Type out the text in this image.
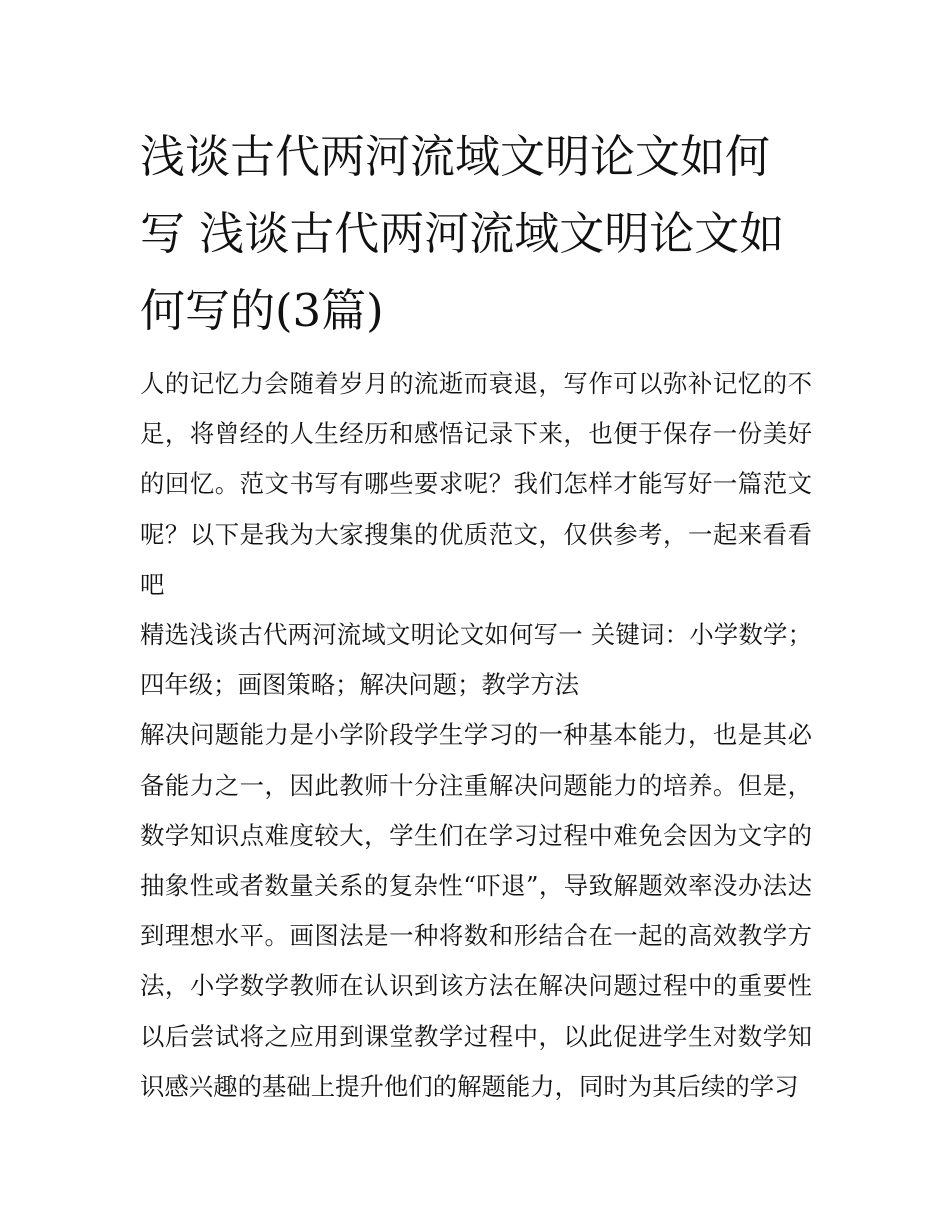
浅谈古代两河流域文明论文如何写 浅谈古代两河流域文明论文如何写的(3篇)

人的记忆力会随着岁月的流逝而衰退，写作可以弥补记忆的不足，将曾经的人生经历和感悟记录下来，也便于保存一份美好的回忆。范文书写有哪些要求呢？我们怎样才能写好一篇范文呢？以下是我为大家搜集的优质范文，仅供参考，一起来看看吧

精选浅谈古代两河流域文明论文如何写一 关键词：小学数学；四年级；画图策略；解决问题；教学方法

解决问题能力是小学阶段学生学习的一种基本能力，也是其必备能力之一，因此教师十分注重解决问题能力的培养。但是，数学知识点难度较大，学生们在学习过程中难免会因为文字的抽象性或者数量关系的复杂性“吓退”，导致解题效率没办法达到理想水平。画图法是一种将数和形结合在一起的高效教学方法，小学数学教师在认识到该方法在解决问题过程中的重要性以后尝试将之应用到课堂教学过程中，以此促进学生对数学知识感兴趣的基础上提升他们的解题能力，同时为其后续的学习
